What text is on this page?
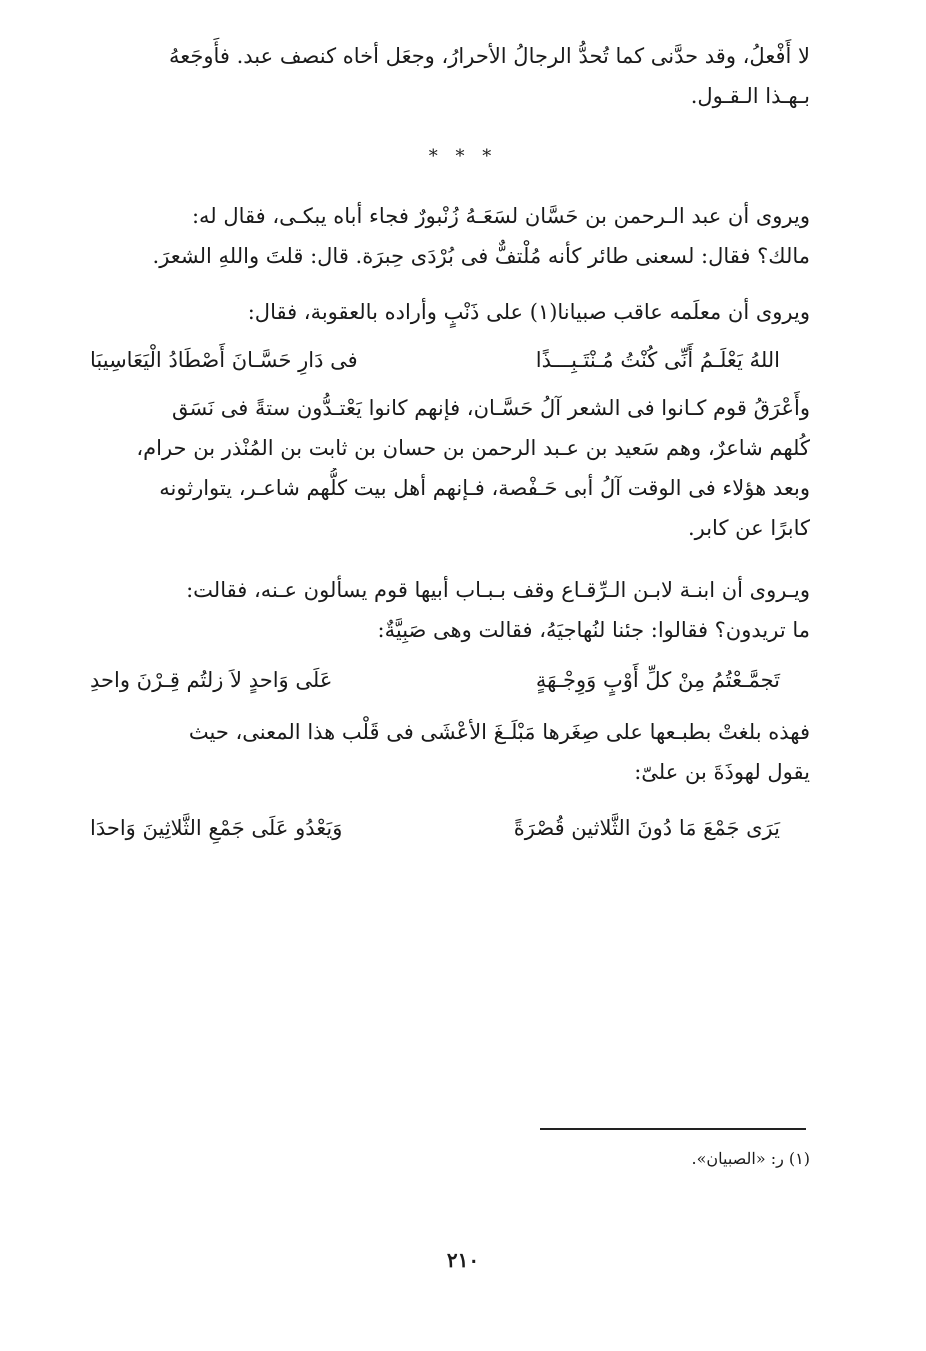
لا أَفْعلُ، وقد حدَّنى كما تُحدُّ الرجالُ الأحرارُ، وجعَل أخاه كنصف عبد. فأَوجَعهُ
بـهـذا الـقـول.
* * *
ويروى أن عبد الـرحمن بن حَسَّان لسَعَـهُ زُنْبورٌ فجاء أباه يبكـى، فقال له:
مالك؟ فقال: لسعنى طائر كأنه مُلْتفٌّ فى بُرْدَى حِبرَة. قال: قلتَ واللهِ الشعرَ.
ويروى أن معلَمه عاقب صبيانا(١) على ذَنْبٍ وأراده بالعقوبة، فقال:
اللهُ يَعْلَـمُ أَنِّى كُنْتُ مُـنْتَـبِـــذًا
فى دَارِ حَسَّـانَ أَصْطَادُ الْيَعَاسِيبَا
وأَعْرَقُ قوم كـانوا فى الشعر آلُ حَسَّـان، فإنهم كانوا يَعْتـدُّون ستةً فى نَسَق
كُلهم شاعرٌ، وهم سَعيد بن عـبد الرحمن بن حسان بن ثابت بن المُنْذر بن حرام،
وبعد هؤلاء فى الوقت آلُ أبى حَـفْصة، فـإنهم أهل بيت كلُّهم شاعـر، يتوارثونه
كابرًا عن كابر.
ويـروى أن ابنـة لابـن الـرِّقـاع وقف بـبـاب أبيها قوم يسألون عـنه، فقالت:
ما تريدون؟ فقالوا: جئنا لنُهاجيَهُ، فقالت وهى صَبِيَّةٌ:
تَجمَّـعْتُمُ مِنْ كلِّ أَوْبٍ وَوِجْـهَةٍ
عَلَى وَاحدٍ لاَ زلتُم قِـرْنَ واحدِ
فهذه بلغتْ بطبـعها على صِغَرها مَبْلَـغَ الأعْشَى فى قَلْب هذا المعنى، حيث
يقول لهوذَةَ بن علىّ:
يَرَى جَمْعَ مَا دُونَ الثَّلاثين قُصْرَةً
وَيَعْدُو عَلَى جَمْعِ الثَّلاثِينَ وَاحدَا
(١) ر: «الصبيان».
٢١٠
